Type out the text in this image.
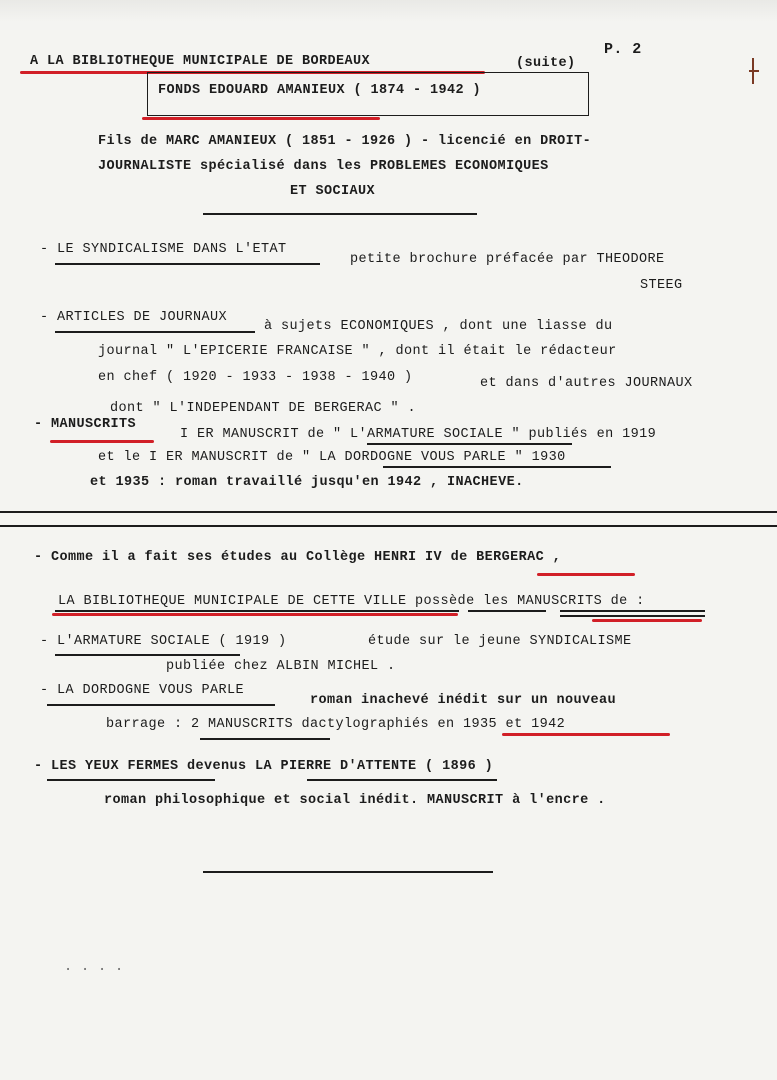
A LA BIBLIOTHEQUE MUNICIPALE DE BORDEAUX	(suite)
P. 2
FONDS EDOUARD AMANIEUX ( 1874 - 1942 )
Fils de MARC AMANIEUX ( 1851 - 1926 ) - licencié en DROIT-
JOURNALISTE spécialisé dans les PROBLEMES ECONOMIQUES
ET SOCIAUX
- LE SYNDICALISME DANS L'ETAT
petite brochure préfacée par THEODORE
STEEG
- ARTICLES DE JOURNAUX
à sujets ECONOMIQUES , dont une liasse du
journal " L'EPICERIE FRANCAISE " , dont il était le rédacteur
en chef ( 1920 - 1933 - 1938 - 1940 )	et dans d'autres JOURNAUX
dont " L'INDEPENDANT DE BERGERAC " .
- MANUSCRITS
I ER MANUSCRIT de " L'ARMATURE SOCIALE " publiés en 1919
et le I ER MANUSCRIT de " LA DORDOGNE VOUS PARLE " 1930
et 1935 : roman travaillé jusqu'en 1942 , INACHEVE.
- Comme il a fait ses études au Collège HENRI IV de BERGERAC ,
LA BIBLIOTHEQUE MUNICIPALE DE CETTE VILLE possède les MANUSCRITS de :
- L'ARMATURE SOCIALE ( 1919 )	étude sur le jeune SYNDICALISME
publiée chez ALBIN MICHEL .
- LA DORDOGNE VOUS PARLE
roman inachevé inédit sur un nouveau
barrage : 2 MANUSCRITS dactylographiés en 1935 et 1942
- LES YEUX FERMES devenus LA PIERRE D'ATTENTE ( 1896 )
roman philosophique et social inédit. MANUSCRIT à l'encre .
. . . .
